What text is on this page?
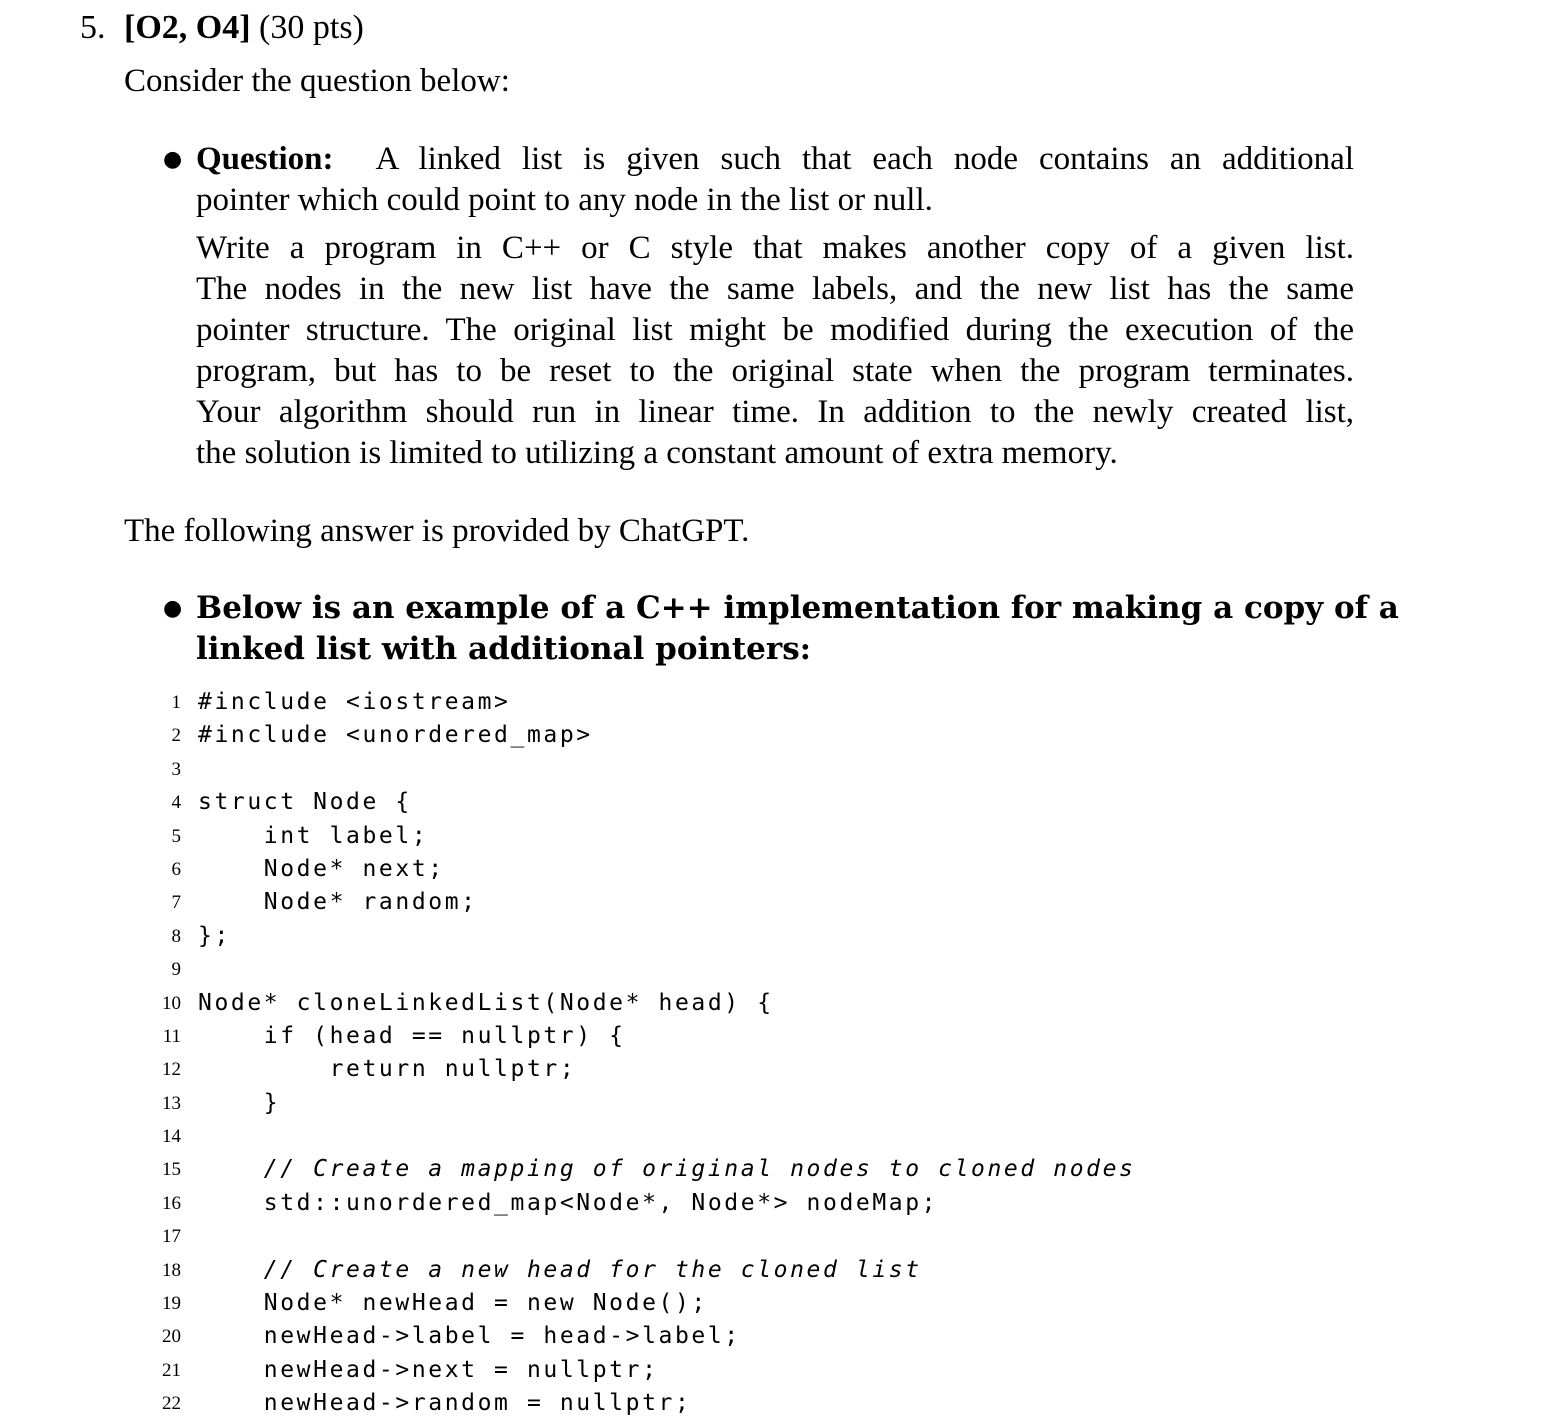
5. [O2, O4] (30 pts)
Consider the question below:
● Question: A linked list is given such that each node contains an additional
pointer which could point to any node in the list or null.
Write a program in C++ or C style that makes another copy of a given list.
The nodes in the new list have the same labels, and the new list has the same
pointer structure. The original list might be modified during the execution of the
program, but has to be reset to the original state when the program terminates.
Your algorithm should run in linear time. In addition to the newly created list,
the solution is limited to utilizing a constant amount of extra memory.
The following answer is provided by ChatGPT.
● Below is an example of a C++ implementation for making a copy of a
linked list with additional pointers:
1 #include <iostream>
2 #include <unordered_map>
3
4 struct Node {
5 int label;
6 Node* next;
7 Node* random;
8 };
9
10 Node* cloneLinkedList(Node* head) {
11 if (head == nullptr) {
12 return nullptr;
13 }
14
15 // Create a mapping of original nodes to cloned nodes
16 std::unordered_map<Node*, Node*> nodeMap;
17
18 // Create a new head for the cloned list
19 Node* newHead = new Node();
20 newHead->label = head->label;
21 newHead->next = nullptr;
22 newHead->random = nullptr;
